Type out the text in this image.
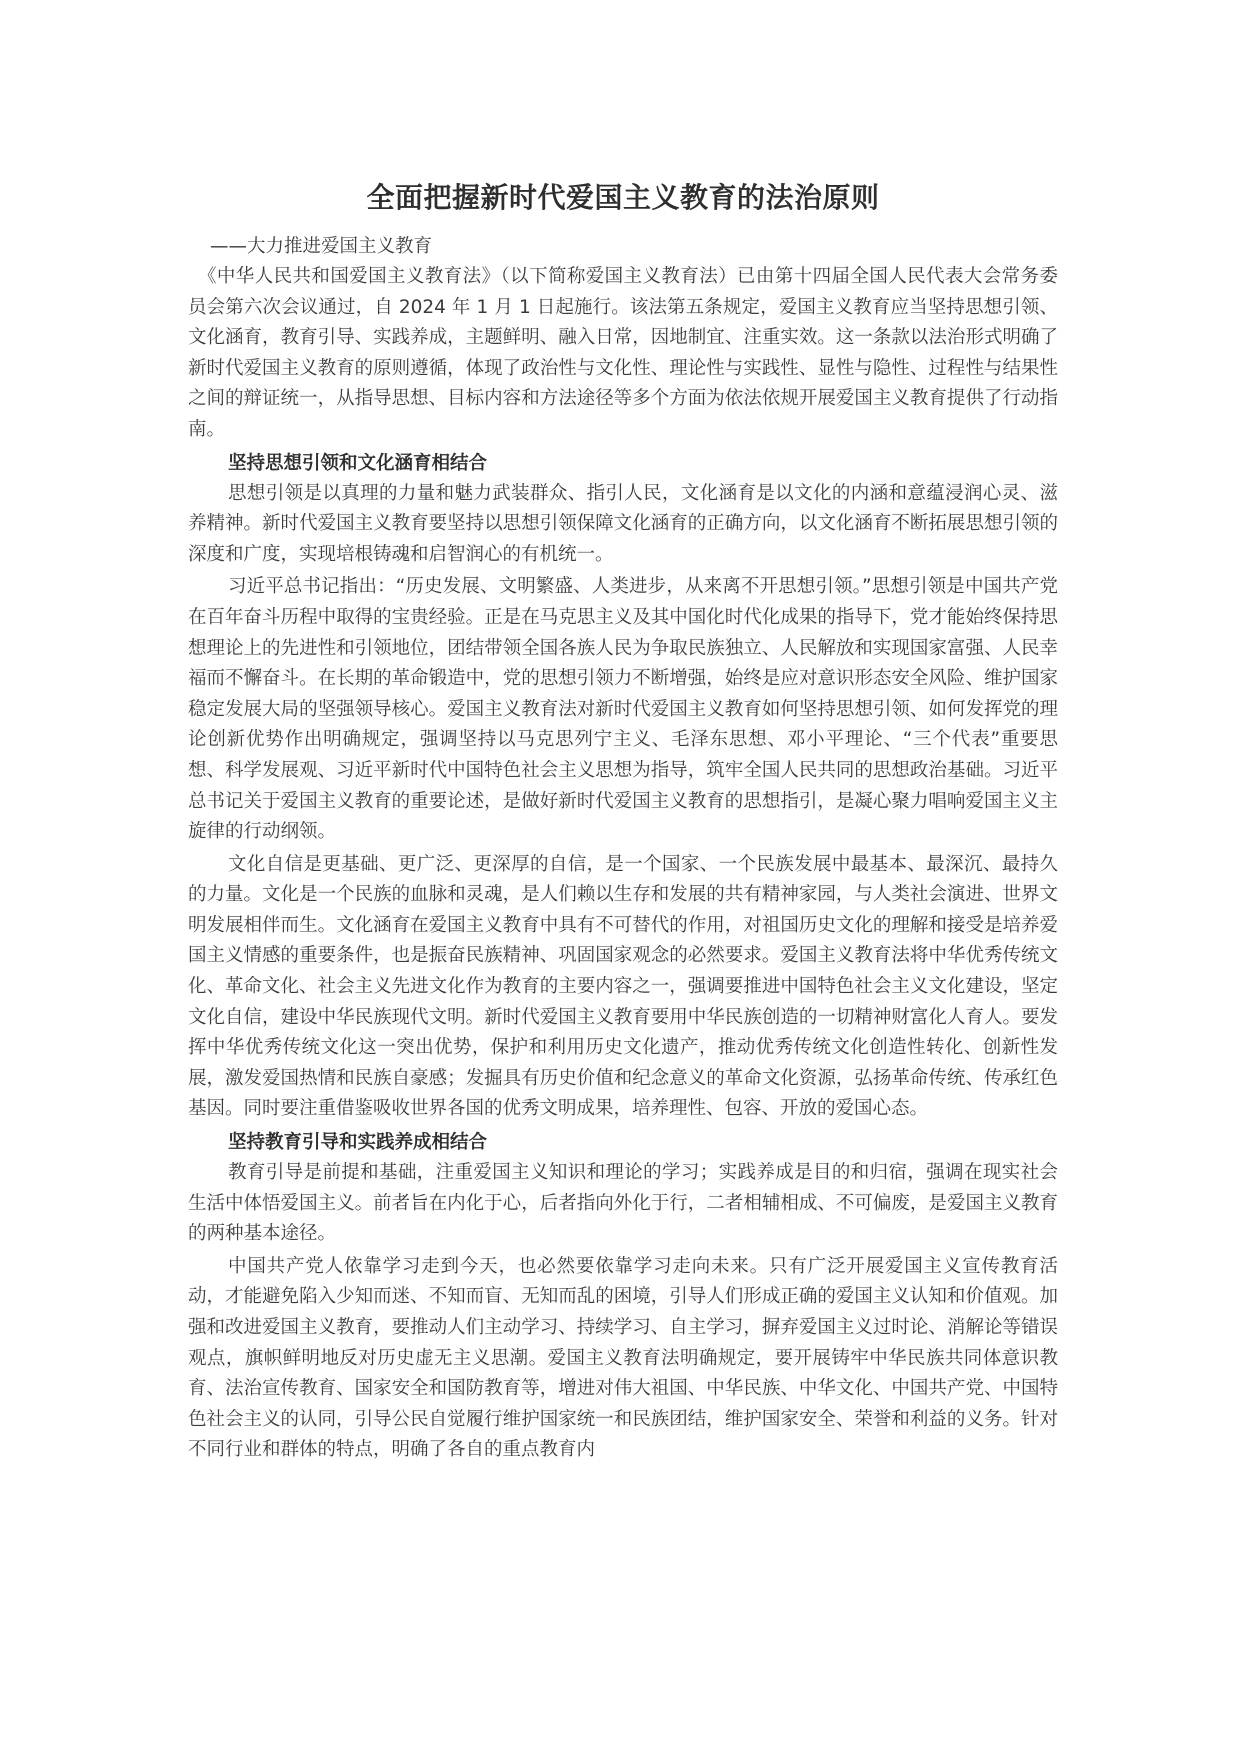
全面把握新时代爱国主义教育的法治原则

——大力推进爱国主义教育

《中华人民共和国爱国主义教育法》（以下简称爱国主义教育法）已由第十四届全国人民代表大会常务委员会第六次会议通过，自 2024 年 1 月 1 日起施行。该法第五条规定，爱国主义教育应当坚持思想引领、文化涵育，教育引导、实践养成，主题鲜明、融入日常，因地制宜、注重实效。这一条款以法治形式明确了新时代爱国主义教育的原则遵循，体现了政治性与文化性、理论性与实践性、显性与隐性、过程性与结果性之间的辩证统一，从指导思想、目标内容和方法途径等多个方面为依法依规开展爱国主义教育提供了行动指南。

坚持思想引领和文化涵育相结合

思想引领是以真理的力量和魅力武装群众、指引人民，文化涵育是以文化的内涵和意蕴浸润心灵、滋养精神。新时代爱国主义教育要坚持以思想引领保障文化涵育的正确方向，以文化涵育不断拓展思想引领的深度和广度，实现培根铸魂和启智润心的有机统一。

习近平总书记指出：“历史发展、文明繁盛、人类进步，从来离不开思想引领。”思想引领是中国共产党在百年奋斗历程中取得的宝贵经验。正是在马克思主义及其中国化时代化成果的指导下，党才能始终保持思想理论上的先进性和引领地位，团结带领全国各族人民为争取民族独立、人民解放和实现国家富强、人民幸福而不懈奋斗。在长期的革命锻造中，党的思想引领力不断增强，始终是应对意识形态安全风险、维护国家稳定发展大局的坚强领导核心。爱国主义教育法对新时代爱国主义教育如何坚持思想引领、如何发挥党的理论创新优势作出明确规定，强调坚持以马克思列宁主义、毛泽东思想、邓小平理论、“三个代表”重要思想、科学发展观、习近平新时代中国特色社会主义思想为指导，筑牢全国人民共同的思想政治基础。习近平总书记关于爱国主义教育的重要论述，是做好新时代爱国主义教育的思想指引，是凝心聚力唱响爱国主义主旋律的行动纲领。

文化自信是更基础、更广泛、更深厚的自信，是一个国家、一个民族发展中最基本、最深沉、最持久的力量。文化是一个民族的血脉和灵魂，是人们赖以生存和发展的共有精神家园，与人类社会演进、世界文明发展相伴而生。文化涵育在爱国主义教育中具有不可替代的作用，对祖国历史文化的理解和接受是培养爱国主义情感的重要条件，也是振奋民族精神、巩固国家观念的必然要求。爱国主义教育法将中华优秀传统文化、革命文化、社会主义先进文化作为教育的主要内容之一，强调要推进中国特色社会主义文化建设，坚定文化自信，建设中华民族现代文明。新时代爱国主义教育要用中华民族创造的一切精神财富化人育人。要发挥中华优秀传统文化这一突出优势，保护和利用历史文化遗产，推动优秀传统文化创造性转化、创新性发展，激发爱国热情和民族自豪感；发掘具有历史价值和纪念意义的革命文化资源，弘扬革命传统、传承红色基因。同时要注重借鉴吸收世界各国的优秀文明成果，培养理性、包容、开放的爱国心态。

坚持教育引导和实践养成相结合

教育引导是前提和基础，注重爱国主义知识和理论的学习；实践养成是目的和归宿，强调在现实社会生活中体悟爱国主义。前者旨在内化于心，后者指向外化于行，二者相辅相成、不可偏废，是爱国主义教育的两种基本途径。

中国共产党人依靠学习走到今天，也必然要依靠学习走向未来。只有广泛开展爱国主义宣传教育活动，才能避免陷入少知而迷、不知而盲、无知而乱的困境，引导人们形成正确的爱国主义认知和价值观。加强和改进爱国主义教育，要推动人们主动学习、持续学习、自主学习，摒弃爱国主义过时论、消解论等错误观点，旗帜鲜明地反对历史虚无主义思潮。爱国主义教育法明确规定，要开展铸牢中华民族共同体意识教育、法治宣传教育、国家安全和国防教育等，增进对伟大祖国、中华民族、中华文化、中国共产党、中国特色社会主义的认同，引导公民自觉履行维护国家统一和民族团结，维护国家安全、荣誉和利益的义务。针对不同行业和群体的特点，明确了各自的重点教育内
